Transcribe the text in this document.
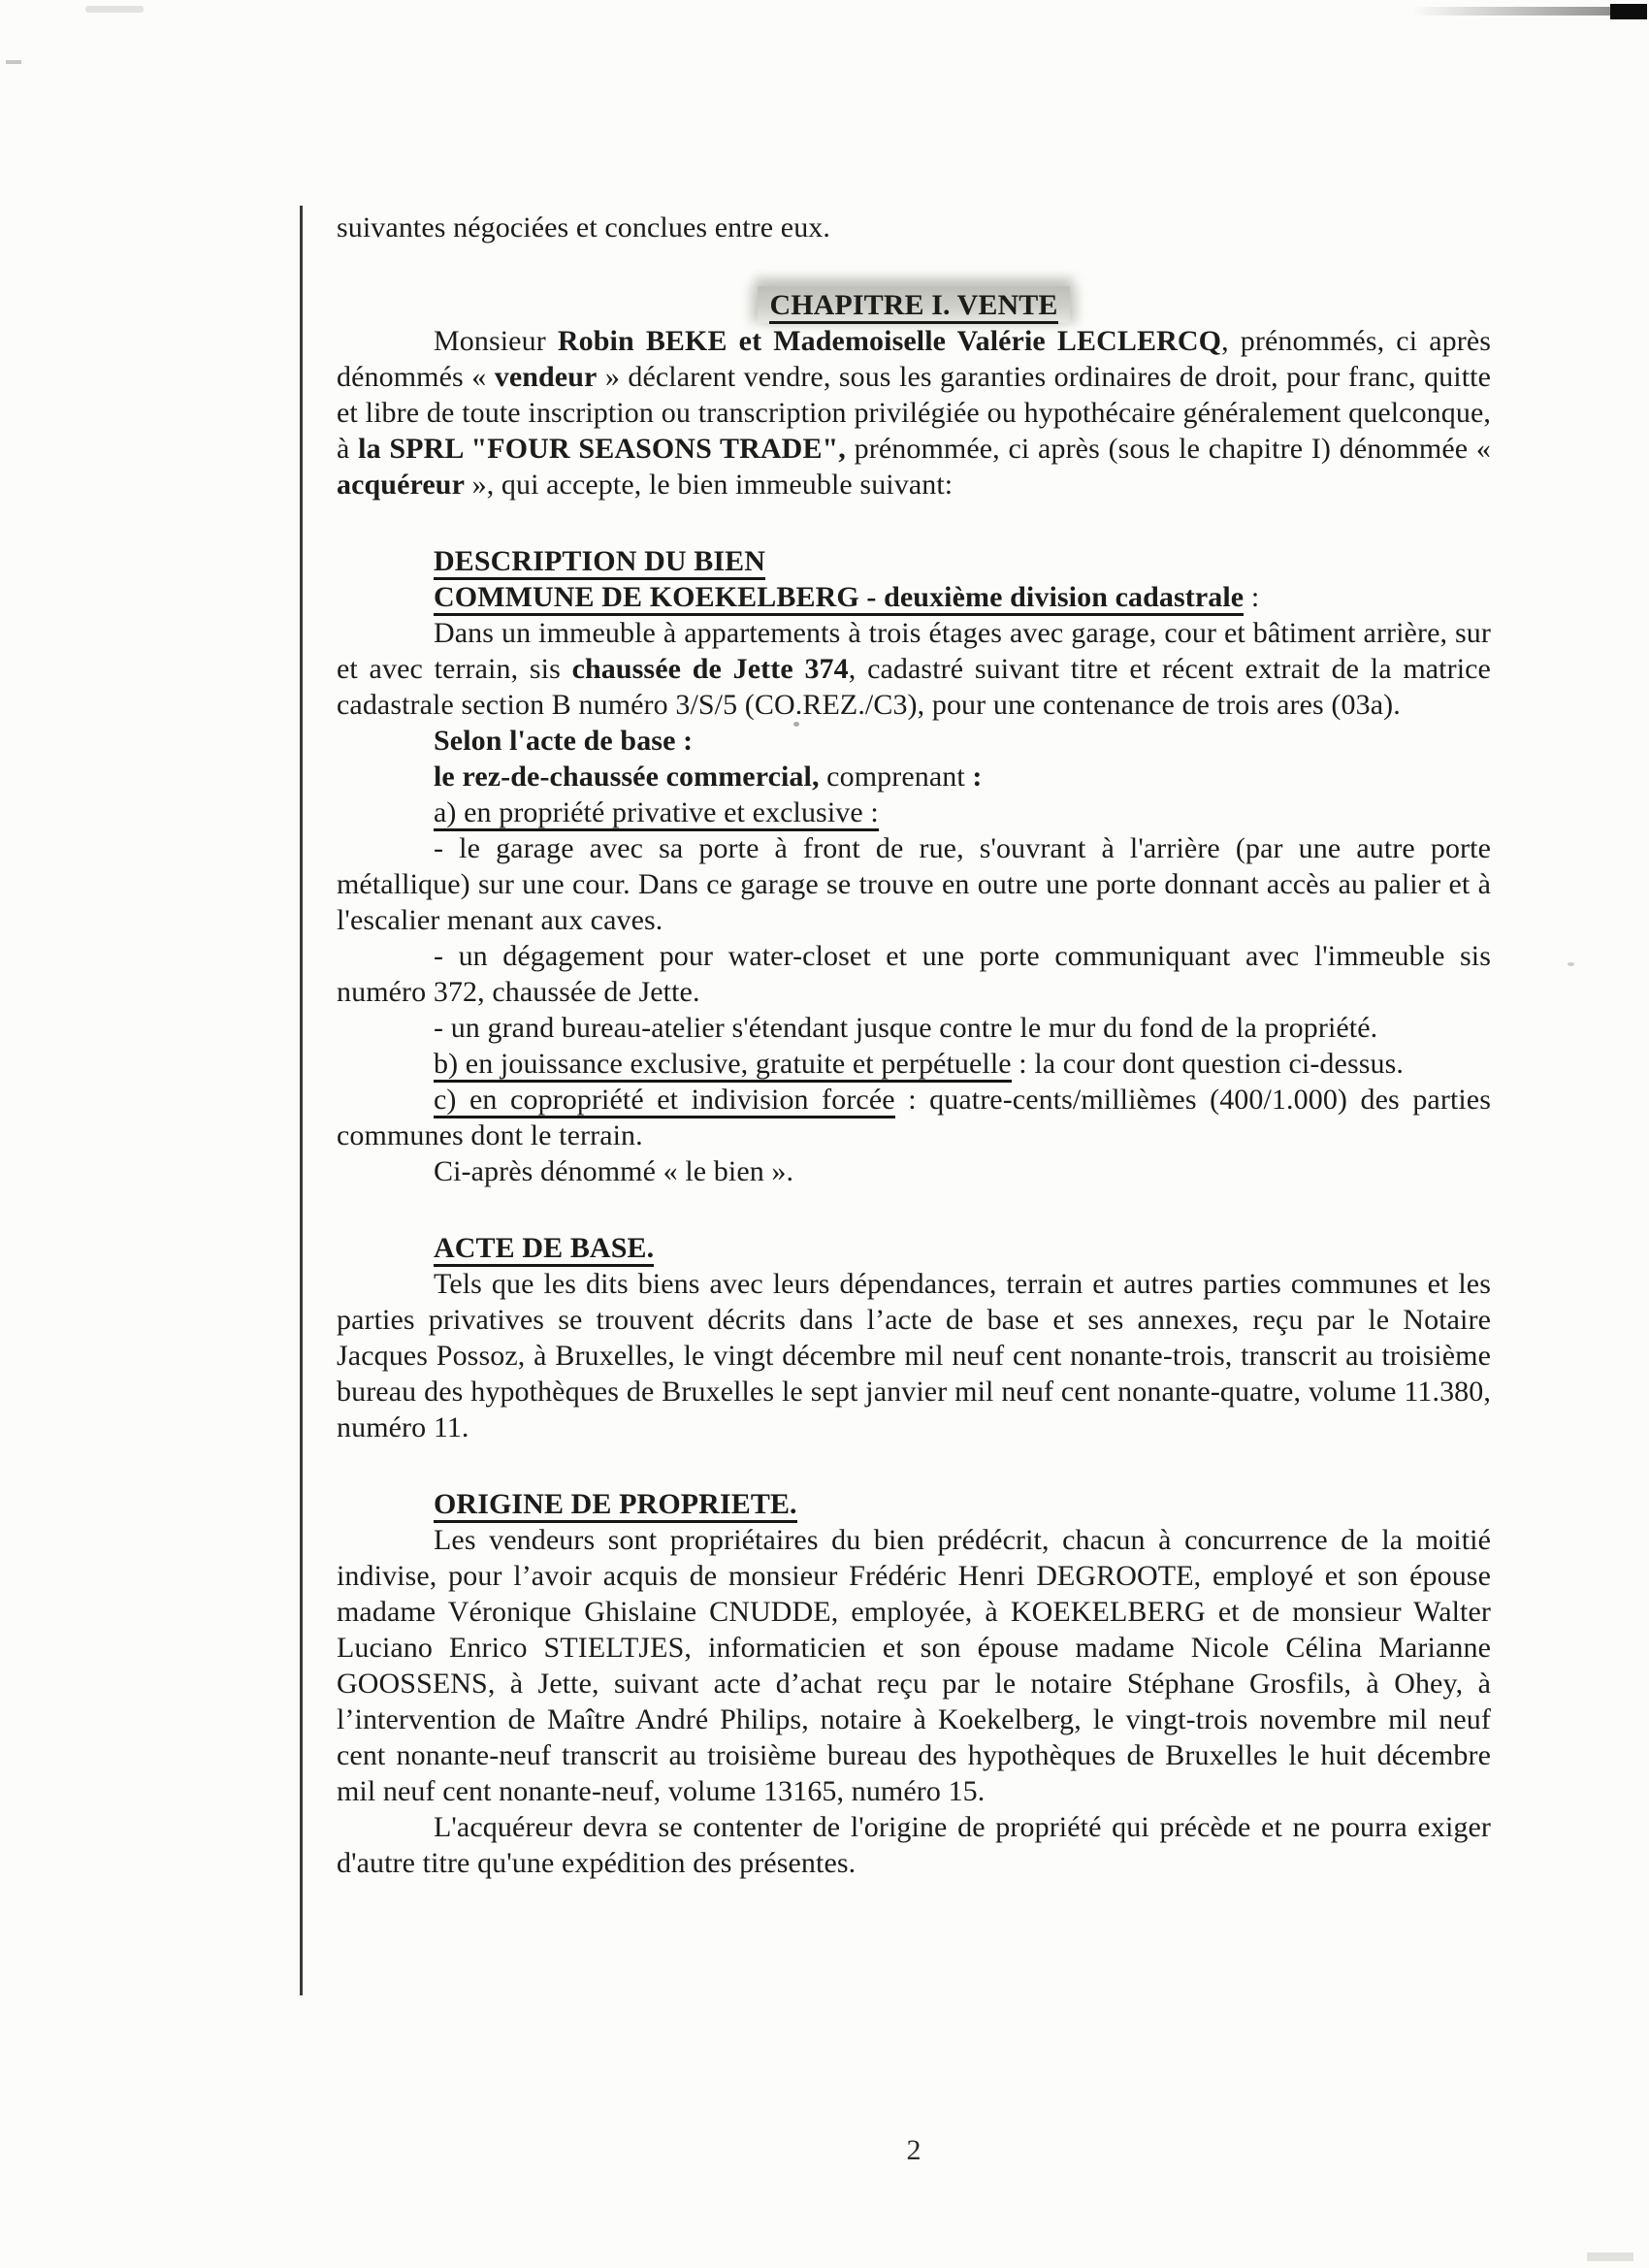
suivantes négociées et conclues entre eux.
CHAPITRE I. VENTE
Monsieur Robin BEKE et Mademoiselle Valérie LECLERCQ, prénommés, ci après dénommés « vendeur » déclarent vendre, sous les garanties ordinaires de droit, pour franc, quitte et libre de toute inscription ou transcription privilégiée ou hypothécaire généralement quelconque, à la SPRL "FOUR SEASONS TRADE", prénommée, ci après (sous le chapitre I) dénommée « acquéreur », qui accepte, le bien immeuble suivant:
DESCRIPTION DU BIEN
COMMUNE DE KOEKELBERG - deuxième division cadastrale :
Dans un immeuble à appartements à trois étages avec garage, cour et bâtiment arrière, sur et avec terrain, sis chaussée de Jette 374, cadastré suivant titre et récent extrait de la matrice cadastrale section B numéro 3/S/5 (CO.REZ./C3), pour une contenance de trois ares (03a).
Selon l'acte de base :
le rez-de-chaussée commercial, comprenant :
a) en propriété privative et exclusive :
- le garage avec sa porte à front de rue, s'ouvrant à l'arrière (par une autre porte métallique) sur une cour. Dans ce garage se trouve en outre une porte donnant accès au palier et à l'escalier menant aux caves.
- un dégagement pour water-closet et une porte communiquant avec l'immeuble sis numéro 372, chaussée de Jette.
- un grand bureau-atelier s'étendant jusque contre le mur du fond de la propriété.
b) en jouissance exclusive, gratuite et perpétuelle : la cour dont question ci-dessus.
c) en copropriété et indivision forcée : quatre-cents/millièmes (400/1.000) des parties communes dont le terrain.
Ci-après dénommé « le bien ».
ACTE DE BASE.
Tels que les dits biens avec leurs dépendances, terrain et autres parties communes et les parties privatives se trouvent décrits dans l’acte de base et ses annexes, reçu par le Notaire Jacques Possoz, à Bruxelles, le vingt décembre mil neuf cent nonante-trois, transcrit au troisième bureau des hypothèques de Bruxelles le sept janvier mil neuf cent nonante-quatre, volume 11.380, numéro 11.
ORIGINE DE PROPRIETE.
Les vendeurs sont propriétaires du bien prédécrit, chacun à concurrence de la moitié indivise, pour l’avoir acquis de monsieur Frédéric Henri DEGROOTE, employé et son épouse madame Véronique Ghislaine CNUDDE, employée, à KOEKELBERG et de monsieur Walter Luciano Enrico STIELTJES, informaticien et son épouse madame Nicole Célina Marianne GOOSSENS, à Jette, suivant acte d’achat reçu par le notaire Stéphane Grosfils, à Ohey, à l’intervention de Maître André Philips, notaire à Koekelberg, le vingt-trois novembre mil neuf cent nonante-neuf transcrit au troisième bureau des hypothèques de Bruxelles le huit décembre mil neuf cent nonante-neuf, volume 13165, numéro 15.
L'acquéreur devra se contenter de l'origine de propriété qui précède et ne pourra exiger d'autre titre qu'une expédition des présentes.
2
